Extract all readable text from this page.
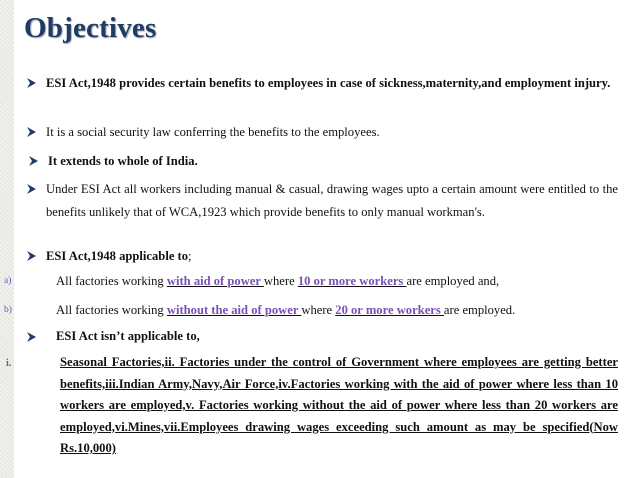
Objectives
ESI Act,1948 provides certain benefits to employees in case of sickness,maternity,and employment injury.
It is a social security law conferring the benefits to the employees.
It extends to whole of India.
Under ESI Act all workers including manual & casual, drawing wages upto a certain amount were entitled to the benefits unlikely that of WCA,1923 which provide benefits to only manual workman's.
ESI Act,1948 applicable to;
a)	All factories working with aid of power where 10 or more workers are employed and,
b)	All factories working without the aid of power where 20 or more workers are employed.
ESI Act isn’t applicable to,
i.	Seasonal Factories,ii. Factories under the control of Government where employees are getting better benefits,iii.Indian Army,Navy,Air Force,iv.Factories working with the aid of power where less than 10 workers are employed,v. Factories working without the aid of power where less than 20 workers are employed,vi.Mines,vii.Employees drawing wages exceeding such amount as may be specified(Now Rs.10,000)
